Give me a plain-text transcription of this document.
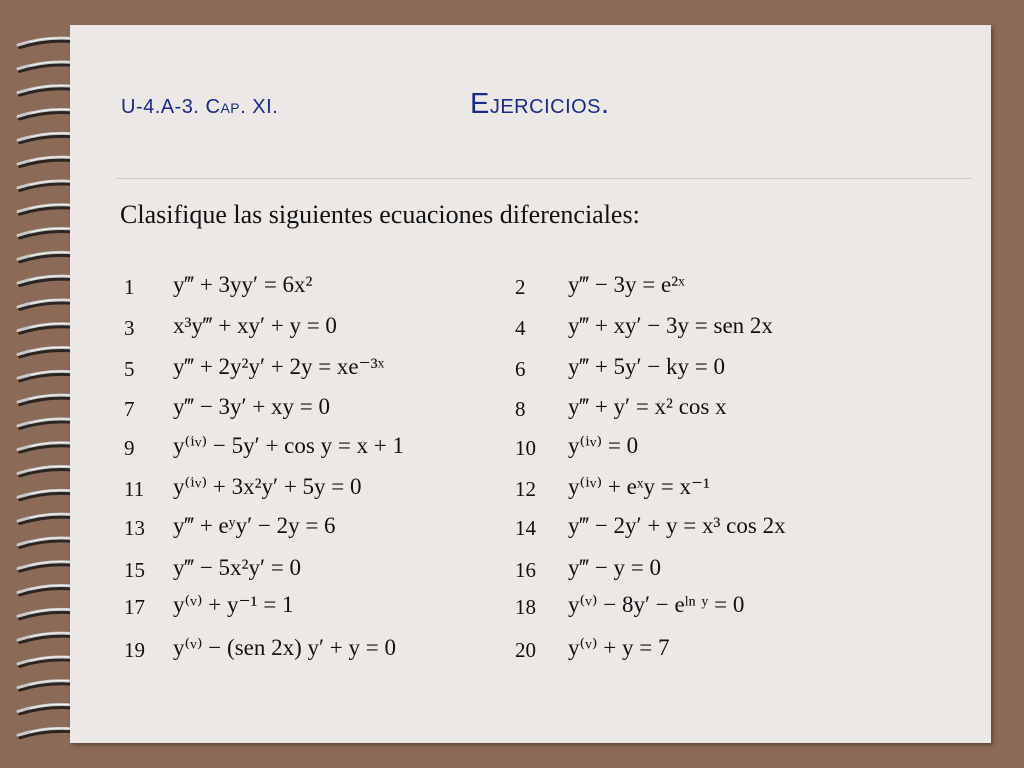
U-4.A-3. Cap. XI.	Ejercicios.
Clasifique las siguientes ecuaciones diferenciales:
1 y‴ + 3yy′ = 6x²
3 x³y‴ + xy′ + y = 0
5 y‴ + 2y²y′ + 2y = xe⁻³ˣ
7 y‴ − 3y′ + xy = 0
9 y⁽ⁱᵛ⁾ − 5y′ + cos y = x + 1
11 y⁽ⁱᵛ⁾ + 3x²y′ + 5y = 0
13 y‴ + eʸy′ − 2y = 6
15 y‴ − 5x²y′ = 0
17 y⁽ᵛ⁾ + y⁻¹ = 1
19 y⁽ᵛ⁾ − (sen 2x) y′ + y = 0
2 y‴ − 3y = e²ˣ
4 y‴ + xy′ − 3y = sen 2x
6 y‴ + 5y′ − ky = 0
8 y‴ + y′ = x² cos x
10 y⁽ⁱᵛ⁾ = 0
12 y⁽ⁱᵛ⁾ + eˣy = x⁻¹
14 y‴ − 2y′ + y = x³ cos 2x
16 y‴ − y = 0
18 y⁽ᵛ⁾ − 8y′ − eˡⁿ ʸ = 0
20 y⁽ᵛ⁾ + y = 7
